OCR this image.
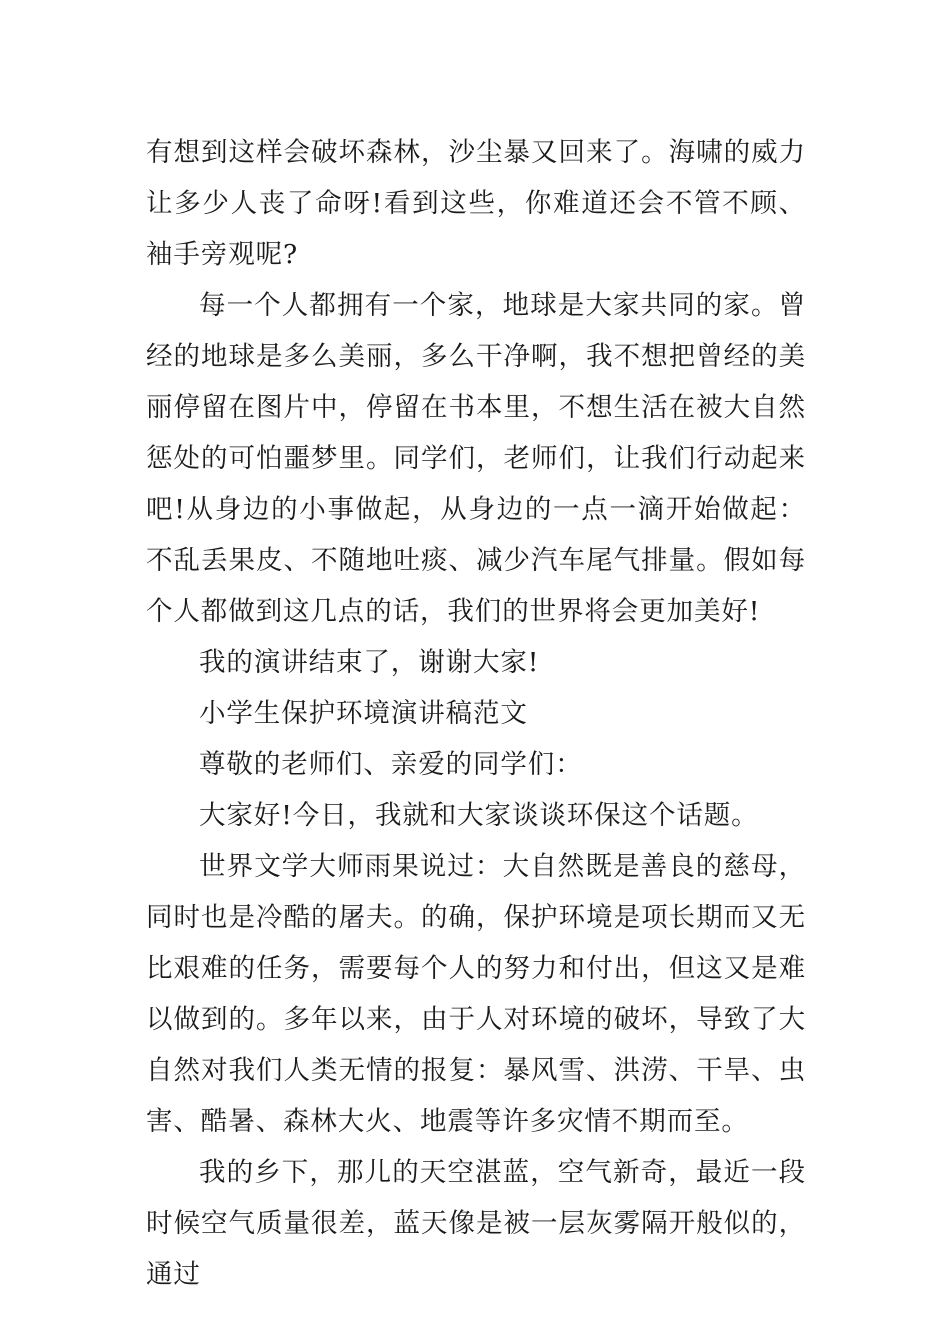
有想到这样会破坏森林，沙尘暴又回来了。海啸的威力让多少人丧了命呀!看到这些，你难道还会不管不顾、袖手旁观呢?

每一个人都拥有一个家，地球是大家共同的家。曾经的地球是多么美丽，多么干净啊，我不想把曾经的美丽停留在图片中，停留在书本里，不想生活在被大自然惩处的可怕噩梦里。同学们，老师们，让我们行动起来吧!从身边的小事做起，从身边的一点一滴开始做起：不乱丢果皮、不随地吐痰、减少汽车尾气排量。假如每个人都做到这几点的话，我们的世界将会更加美好!

我的演讲结束了，谢谢大家!

小学生保护环境演讲稿范文

尊敬的老师们、亲爱的同学们：

大家好!今日，我就和大家谈谈环保这个话题。

世界文学大师雨果说过：大自然既是善良的慈母，同时也是冷酷的屠夫。的确，保护环境是项长期而又无比艰难的任务，需要每个人的努力和付出，但这又是难以做到的。多年以来，由于人对环境的破坏，导致了大自然对我们人类无情的报复：暴风雪、洪涝、干旱、虫害、酷暑、森林大火、地震等许多灾情不期而至。

我的乡下，那儿的天空湛蓝，空气新奇，最近一段时候空气质量很差，蓝天像是被一层灰雾隔开般似的，通过
